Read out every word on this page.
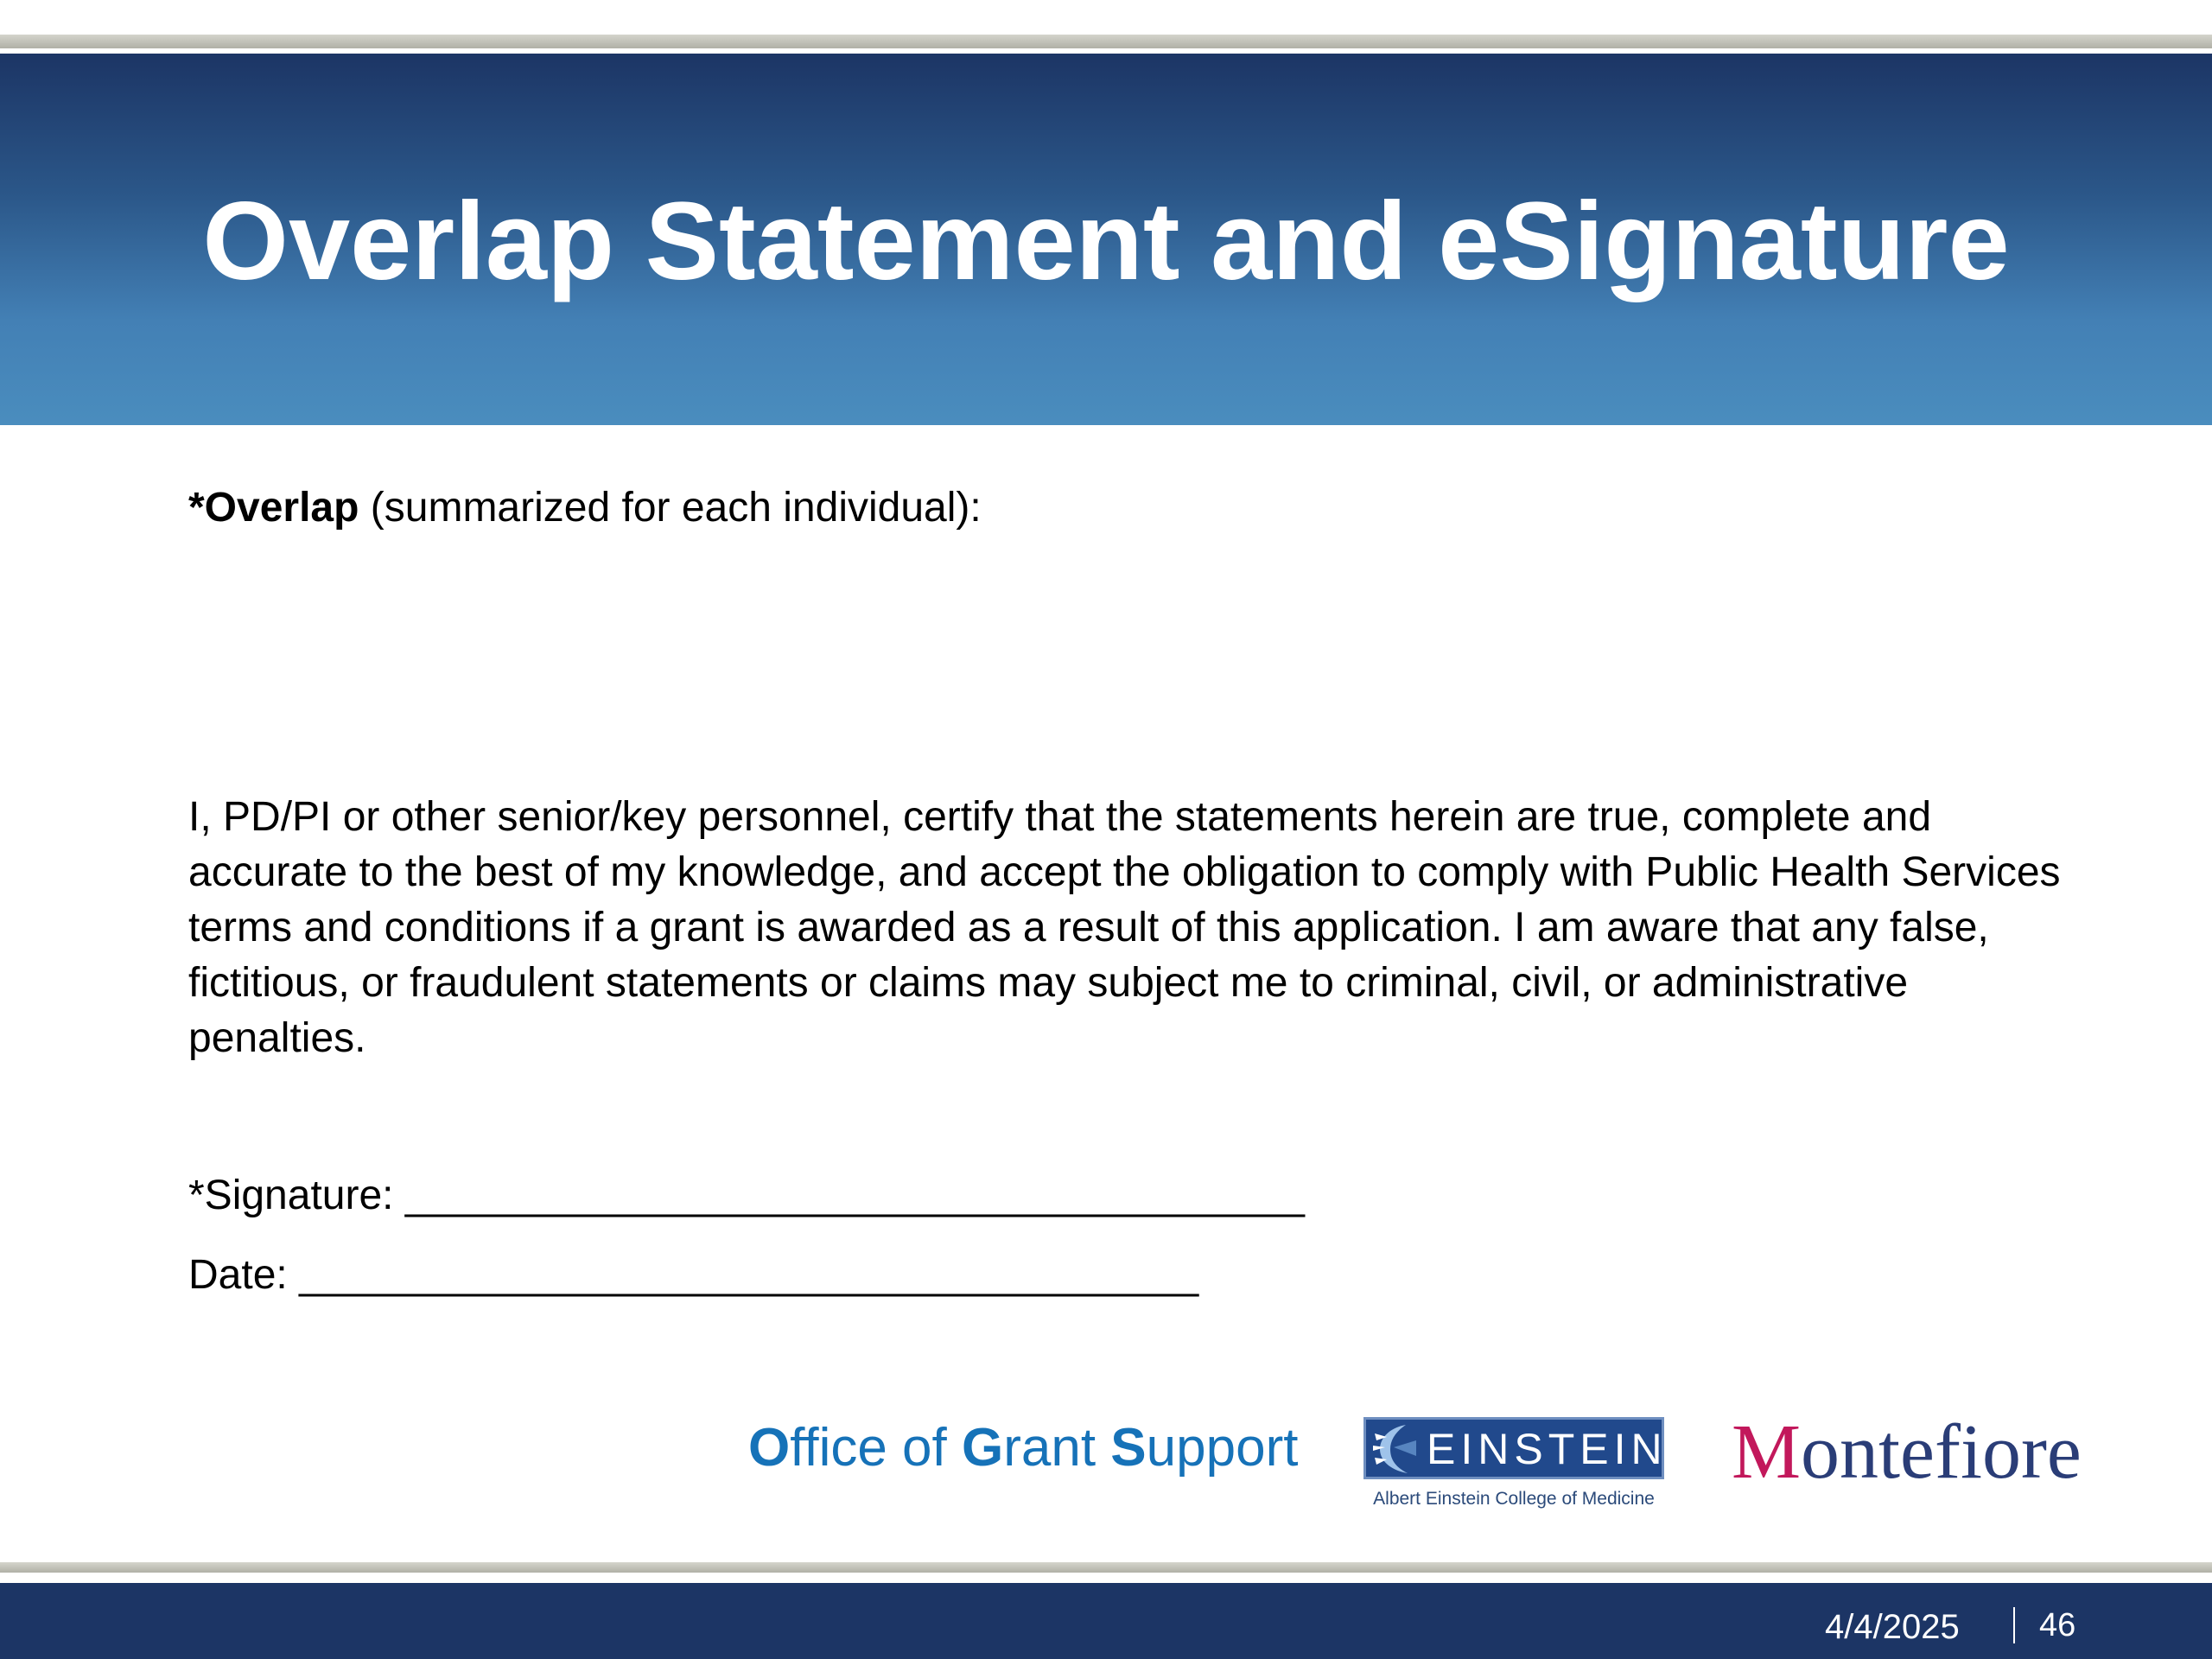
Overlap Statement and eSignature

*Overlap (summarized for each individual):

I, PD/PI or other senior/key personnel, certify that the statements herein are true, complete and accurate to the best of my knowledge, and accept the obligation to comply with Public Health Services terms and conditions if a grant is awarded as a result of this application. I am aware that any false, fictitious, or fraudulent statements or claims may subject me to criminal, civil, or administrative penalties.

*Signature: _______________________________________

Date: _______________________________________

Office of Grant Support	EINSTEIN
Albert Einstein College of Medicine
Montefiore
4/4/2025 46
